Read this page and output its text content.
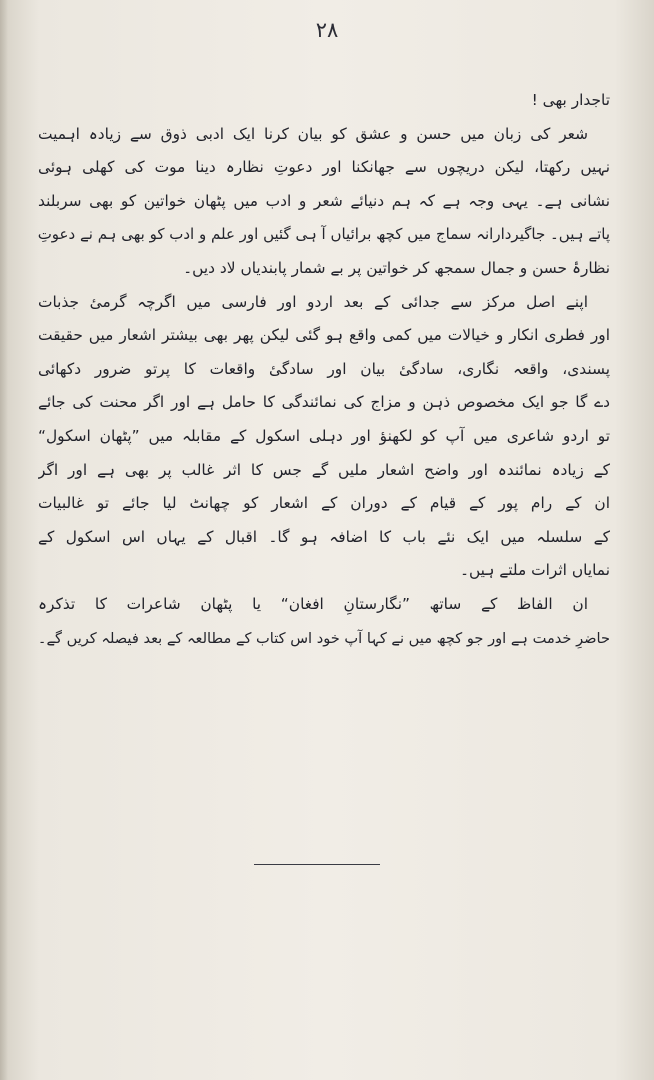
۲۸
تاجدار بھی !
شعر کی زبان میں حسن و عشق کو بیان کرنا ایک ادبی ذوق سے زیادہ اہمیت
نہیں رکھتا، لیکن دریچوں سے جھانکنا اور دعوتِ نظارہ دینا موت کی کھلی ہوئی
نشانی ہے۔ یہی وجہ ہے کہ ہم دنیائے شعر و ادب میں پٹھان خواتین کو بھی سربلند
پاتے ہیں۔ جاگیردارانہ سماج میں کچھ برائیاں آ ہی گئیں اور علم و ادب کو بھی ہم نے دعوتِ
نظارۂ حسن و جمال سمجھ کر خواتین پر بے شمار پابندیاں لاد دیں۔
اپنے اصل مرکز سے جدائی کے بعد اردو اور فارسی میں اگرچہ گرمیٔ جذبات
اور فطری انکار و خیالات میں کمی واقع ہو گئی لیکن پھر بھی بیشتر اشعار میں حقیقت
پسندی، واقعہ نگاری، سادگیٔ بیان اور سادگیٔ واقعات کا پرتو ضرور دکھائی
دے گا جو ایک مخصوص ذہن و مزاج کی نمائندگی کا حامل ہے اور اگر محنت کی جائے
تو اردو شاعری میں آپ کو لکھنؤ اور دہلی اسکول کے مقابلہ میں ”پٹھان اسکول“
کے زیادہ نمائندہ اور واضح اشعار ملیں گے جس کا اثر غالب پر بھی ہے اور اگر
ان کے رام پور کے قیام کے دوران کے اشعار کو چھانٹ لیا جائے تو غالبیات
کے سلسلہ میں ایک نئے باب کا اضافہ ہو گا۔ اقبال کے یہاں اس اسکول کے
نمایاں اثرات ملتے ہیں۔
ان الفاظ کے ساتھ ”نگارستانِ افغان“ یا پٹھان شاعرات کا تذکرہ
حاضرِ خدمت ہے اور جو کچھ میں نے کہا آپ خود اس کتاب کے مطالعہ کے بعد فیصلہ کریں گے۔
